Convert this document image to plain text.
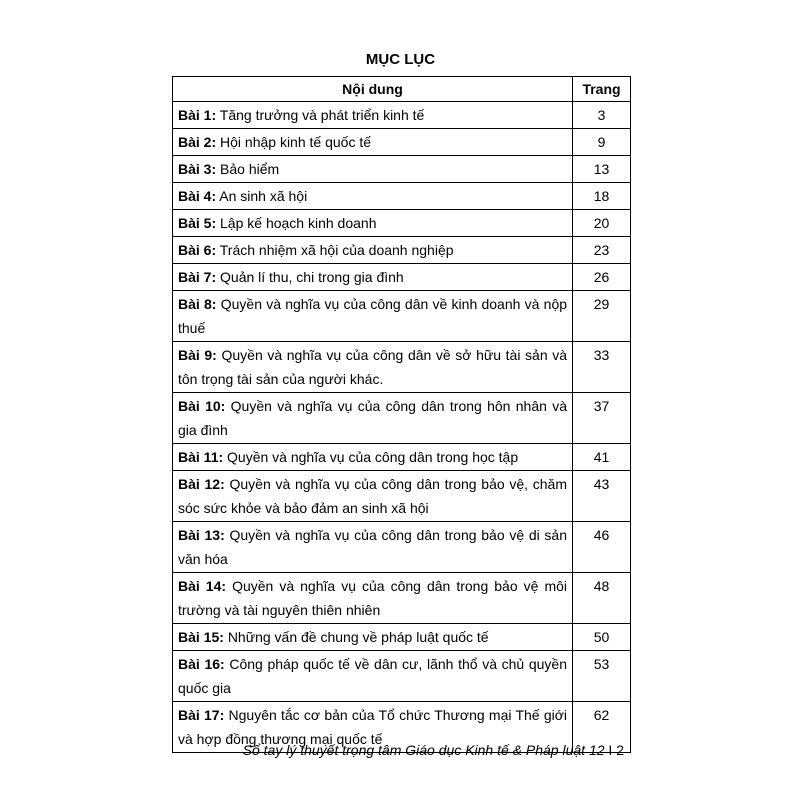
MỤC LỤC
Nội dung	Trang
Bài 1: Tăng trưởng và phát triển kinh tế	3
Bài 2: Hội nhập kinh tế quốc tế	9
Bài 3: Bảo hiểm	13
Bài 4: An sinh xã hội	18
Bài 5: Lập kế hoạch kinh doanh	20
Bài 6: Trách nhiệm xã hội của doanh nghiệp	23
Bài 7: Quản lí thu, chi trong gia đình	26
Bài 8: Quyền và nghĩa vụ của công dân về kinh doanh và nộp thuế	29
Bài 9: Quyền và nghĩa vụ của công dân về sở hữu tài sản và tôn trọng tài sản của người khác.	33
Bài 10: Quyền và nghĩa vụ của công dân trong hôn nhân và gia đình	37
Bài 11: Quyền và nghĩa vụ của công dân trong học tập	41
Bài 12: Quyền và nghĩa vụ của công dân trong bảo vệ, chăm sóc sức khỏe và bảo đảm an sinh xã hội	43
Bài 13: Quyền và nghĩa vụ của công dân trong bảo vệ di sản văn hóa	46
Bài 14: Quyền và nghĩa vụ của công dân trong bảo vệ môi trường và tài nguyên thiên nhiên	48
Bài 15: Những vấn đề chung về pháp luật quốc tế	50
Bài 16: Công pháp quốc tế về dân cư, lãnh thổ và chủ quyền quốc gia	53
Bài 17: Nguyên tắc cơ bản của Tổ chức Thương mại Thế giới và hợp đồng thương mại quốc tế	62
Sổ tay lý thuyết trọng tâm Giáo dục Kinh tế & Pháp luật 12 I 2
